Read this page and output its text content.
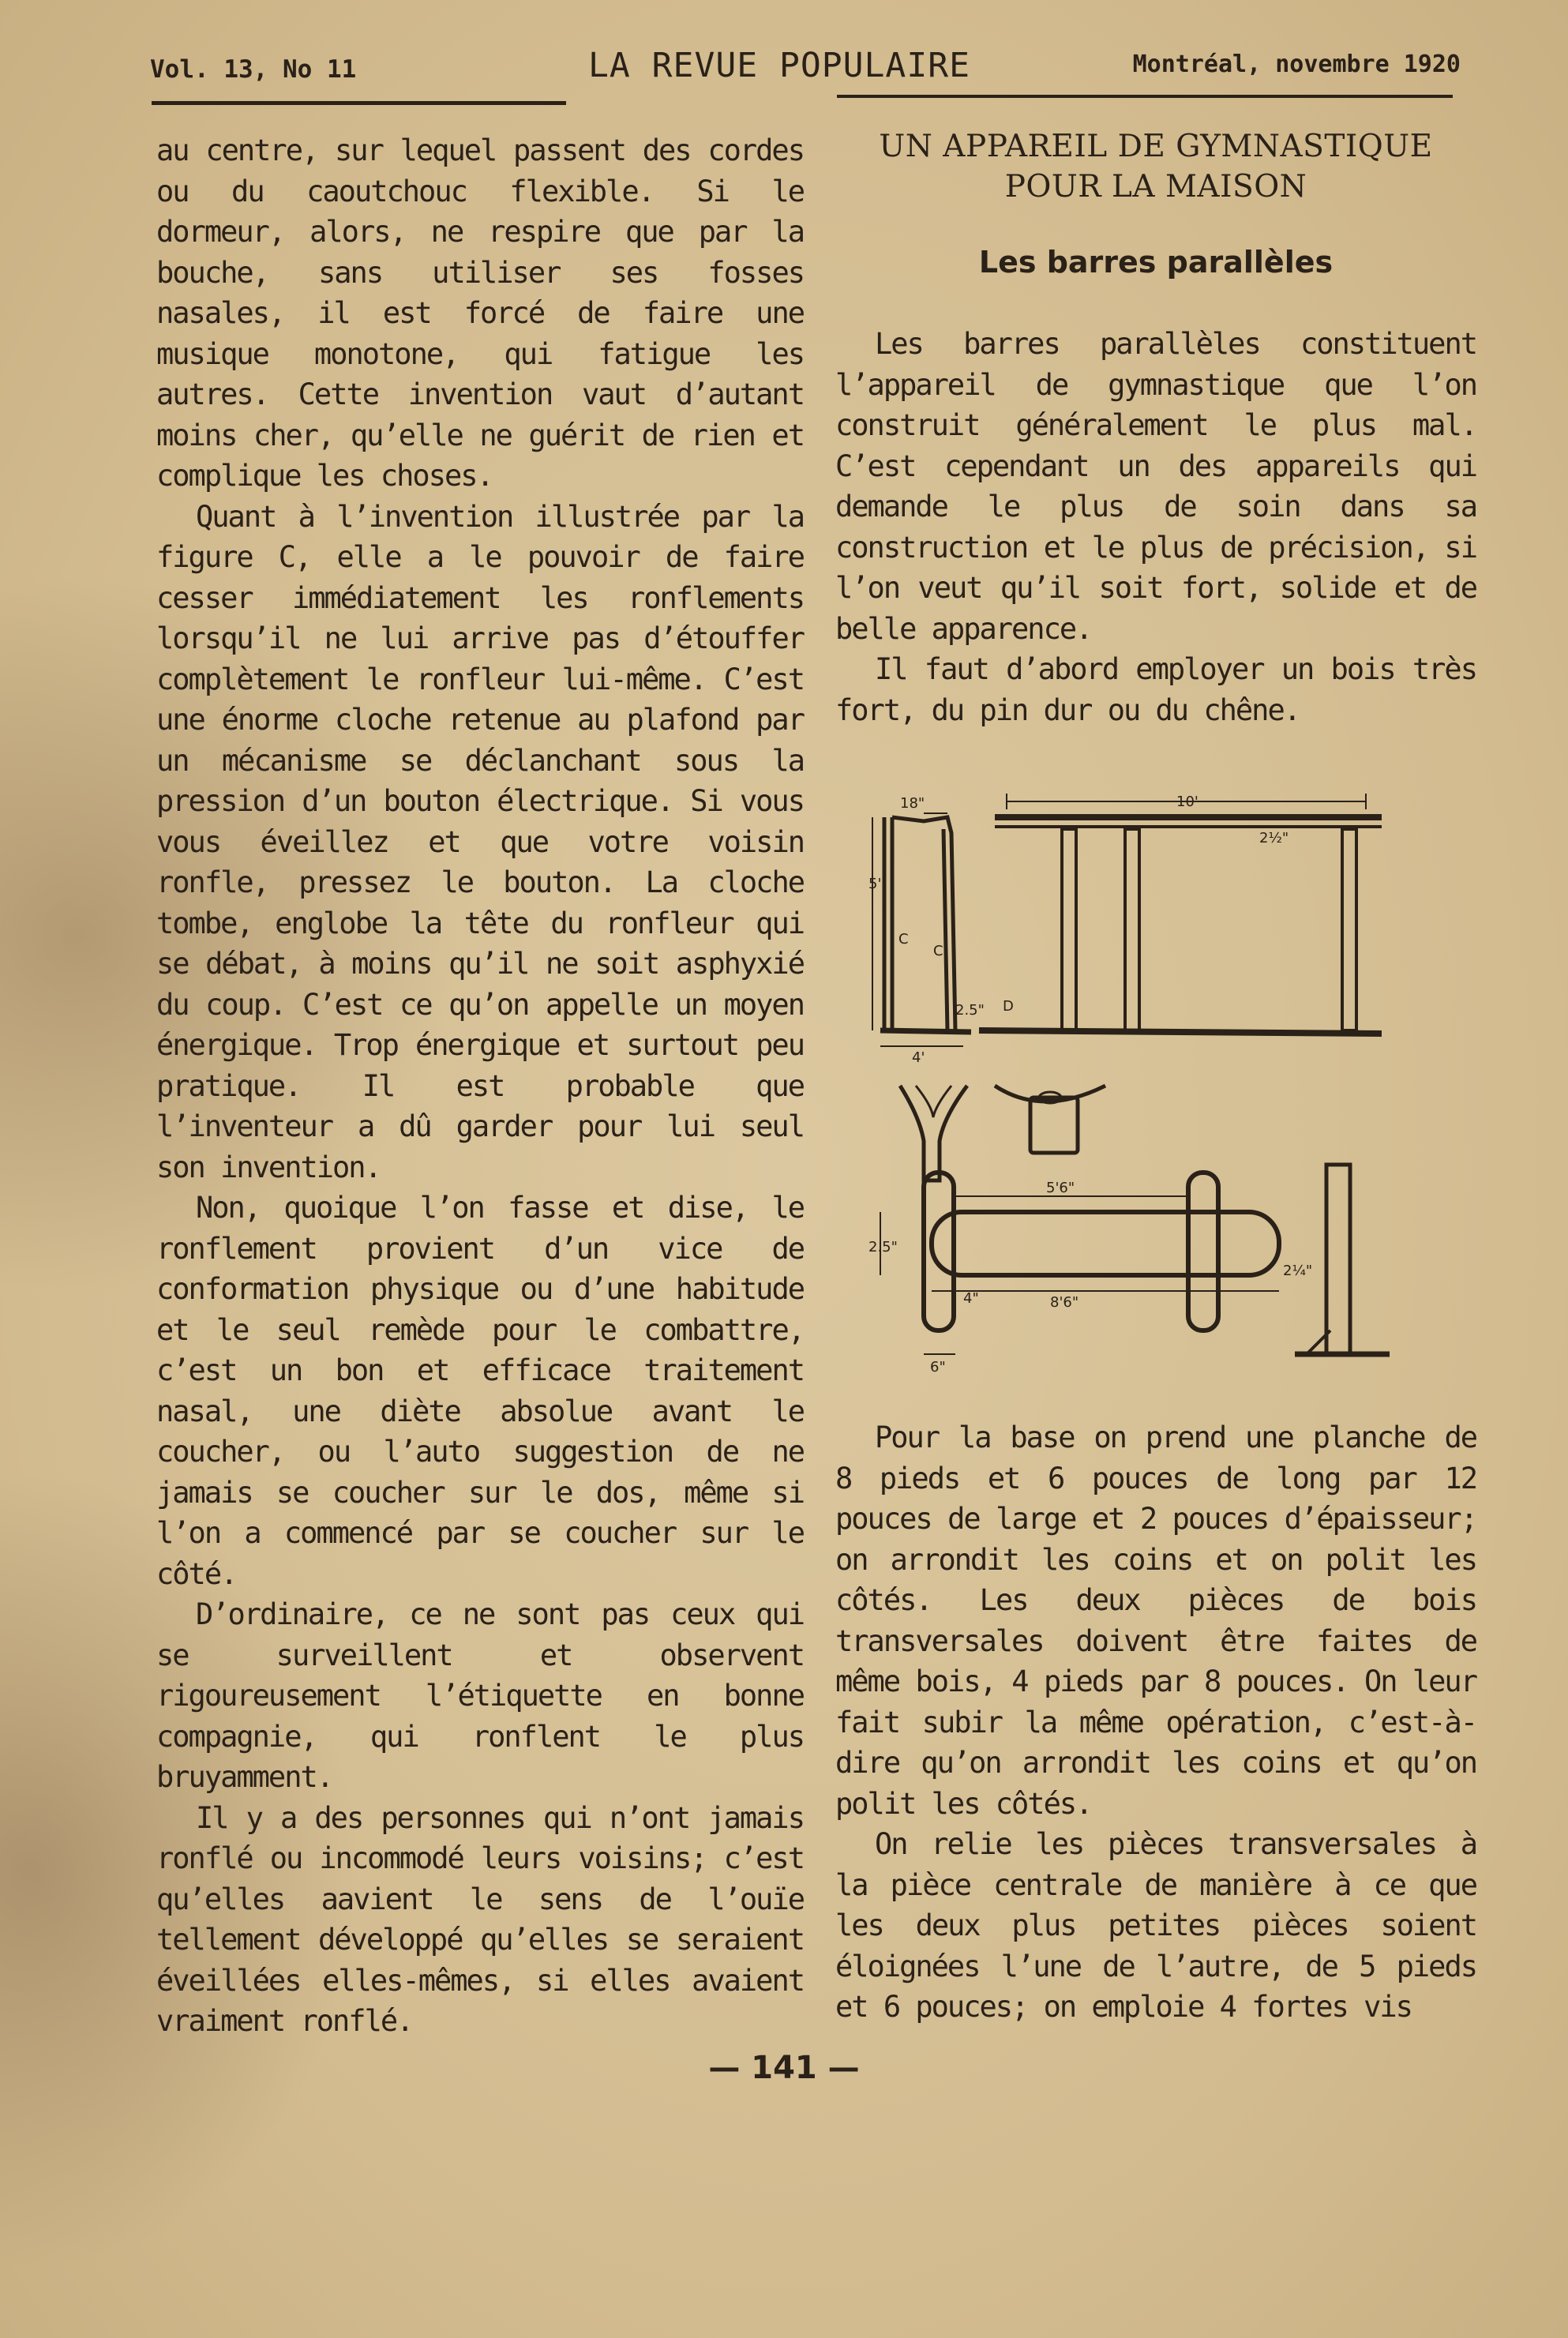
Vol. 13, No 11	LA REVUE POPULAIRE	Montréal, novembre 1920

au centre, sur lequel passent des cordes ou du caoutchouc flexible. Si le dormeur, alors, ne respire que par la bouche, sans utiliser ses fosses nasales, il est forcé de faire une musique monotone, qui fatigue les autres. Cette invention vaut d’autant moins cher, qu’elle ne guérit de rien et complique les choses.

Quant à l’invention illustrée par la figure C, elle a le pouvoir de faire cesser immédiatement les ronflements lorsqu’il ne lui arrive pas d’étouffer complètement le ronfleur lui-même. C’est une énorme cloche retenue au plafond par un mécanisme se déclanchant sous la pression d’un bouton électrique. Si vous vous éveillez et que votre voisin ronfle, pressez le bouton. La cloche tombe, englobe la tête du ronfleur qui se débat, à moins qu’il ne soit asphyxié du coup. C’est ce qu’on appelle un moyen énergique. Trop énergique et surtout peu pratique. Il est probable que l’inventeur a dû garder pour lui seul son invention.

Non, quoique l’on fasse et dise, le ronflement provient d’un vice de conformation physique ou d’une habitude et le seul remède pour le combattre, c’est un bon et efficace traitement nasal, une diète absolue avant le coucher, ou l’auto suggestion de ne jamais se coucher sur le dos, même si l’on a commencé par se coucher sur le côté.

D’ordinaire, ce ne sont pas ceux qui se surveillent et observent rigoureusement l’étiquette en bonne compagnie, qui ronflent le plus bruyamment.

Il y a des personnes qui n’ont jamais ronflé ou incommodé leurs voisins; c’est qu’elles aavient le sens de l’ouïe tellement développé qu’elles se seraient éveillées elles-mêmes, si elles avaient vraiment ronflé.

UN APPAREIL DE GYMNASTIQUE
POUR LA MAISON
Les barres parallèles

Les barres parallèles constituent l’appareil de gymnastique que l’on construit généralement le plus mal. C’est cependant un des appareils qui demande le plus de soin dans sa construction et le plus de précision, si l’on veut qu’il soit fort, solide et de belle apparence.

Il faut d’abord employer un bois très fort, du pin dur ou du chêne.

10'
18"
2½"
5'
4'
C
C
D
2.5"
5'6"
8'6"
2.5"
6"
4"
2¼"

Pour la base on prend une planche de 8 pieds et 6 pouces de long par 12 pouces de large et 2 pouces d’épaisseur; on arrondit les coins et on polit les côtés. Les deux pièces de bois transversales doivent être faites de même bois, 4 pieds par 8 pouces. On leur fait subir la même opération, c’est-à-dire qu’on arrondit les coins et qu’on polit les côtés.

On relie les pièces transversales à la pièce centrale de manière à ce que les deux plus petites pièces soient éloignées l’une de l’autre, de 5 pieds et 6 pouces; on emploie 4 fortes vis

— 141 —
